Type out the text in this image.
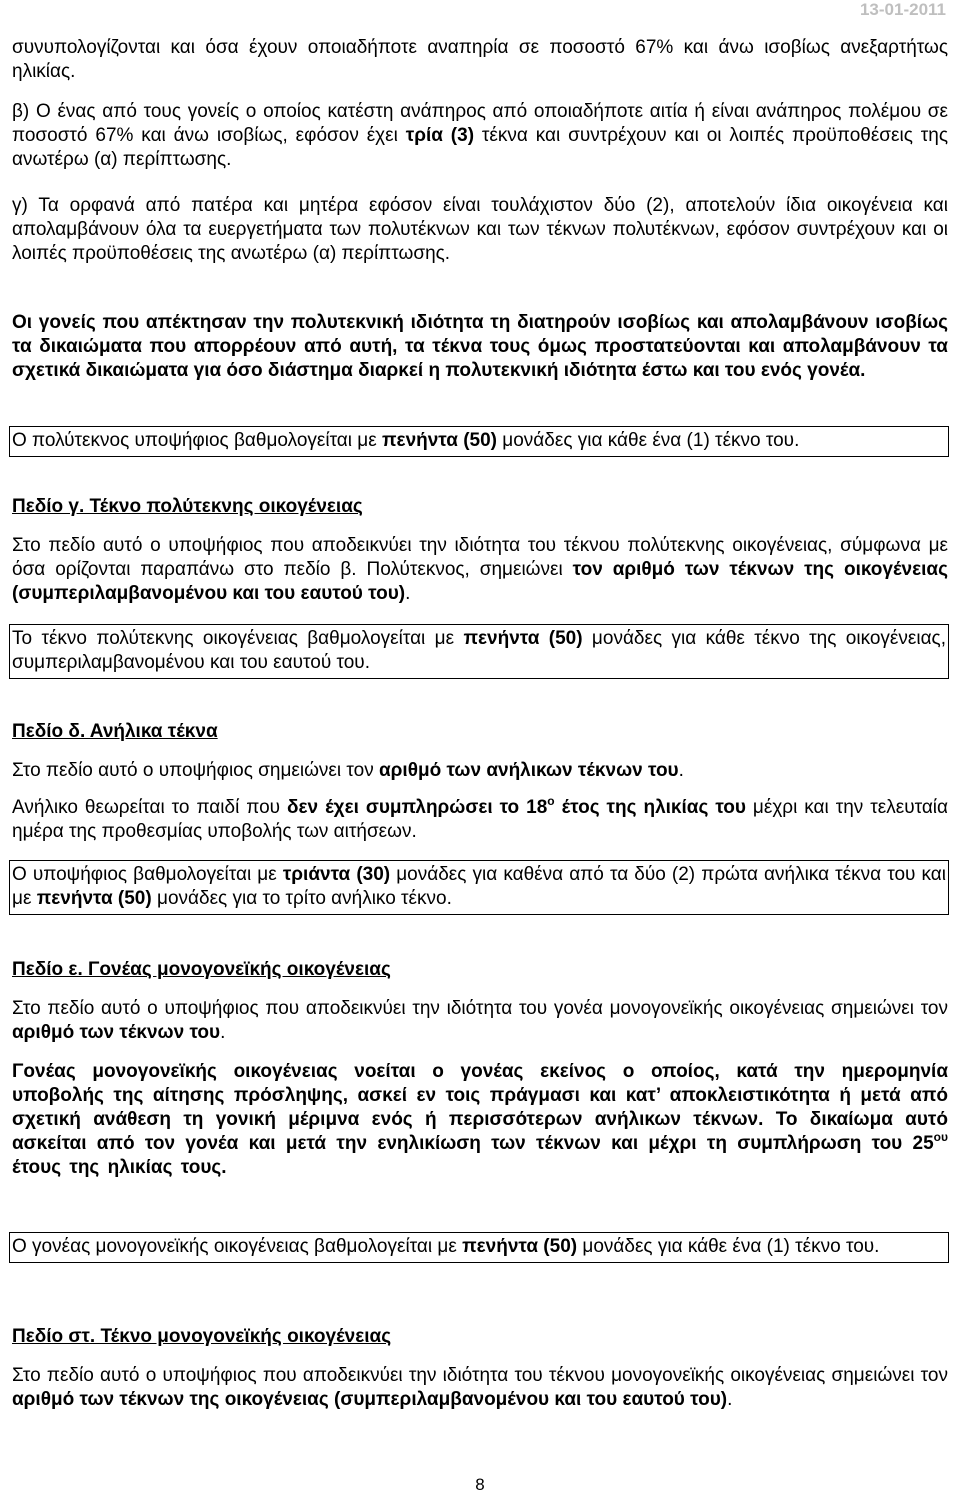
13-01-2011

συνυπολογίζονται και όσα έχουν οποιαδήποτε αναπηρία σε ποσοστό 67% και άνω ισοβίως ανεξαρτήτως ηλικίας.

β) Ο ένας από τους γονείς ο οποίος κατέστη ανάπηρος από οποιαδήποτε αιτία ή είναι ανάπηρος πολέμου σε ποσοστό 67% και άνω ισοβίως, εφόσον έχει τρία (3) τέκνα και συντρέχουν και οι λοιπές προϋποθέσεις της ανωτέρω (α) περίπτωσης.

γ) Τα ορφανά από πατέρα και μητέρα εφόσον είναι τουλάχιστον δύο (2), αποτελούν ίδια οικογένεια και απολαμβάνουν όλα τα ευεργετήματα των πολυτέκνων και των τέκνων πολυτέκνων, εφόσον συντρέχουν και οι λοιπές προϋποθέσεις της ανωτέρω (α) περίπτωσης.

Οι γονείς που απέκτησαν την πολυτεκνική ιδιότητα τη διατηρούν ισοβίως και απολαμβάνουν ισοβίως τα δικαιώματα που απορρέουν από αυτή, τα τέκνα τους όμως προστατεύονται και απολαμβάνουν τα σχετικά δικαιώματα για όσο διάστημα διαρκεί η πολυτεκνική ιδιότητα έστω και του ενός γονέα.

Ο πολύτεκνος υποψήφιος βαθμολογείται με πενήντα (50) μονάδες για κάθε ένα (1) τέκνο του.

Πεδίο γ. Τέκνο πολύτεκνης οικογένειας

Στο πεδίο αυτό ο υποψήφιος που αποδεικνύει την ιδιότητα του τέκνου πολύτεκνης οικογένειας, σύμφωνα με όσα ορίζονται παραπάνω στο πεδίο β. Πολύτεκνος, σημειώνει τον αριθμό των τέκνων της οικογένειας (συμπεριλαμβανομένου και του εαυτού του).

Το τέκνο πολύτεκνης οικογένειας βαθμολογείται με πενήντα (50) μονάδες για κάθε τέκνο της οικογένειας, συμπεριλαμβανομένου και του εαυτού του.

Πεδίο δ. Ανήλικα τέκνα

Στο πεδίο αυτό ο υποψήφιος σημειώνει τον αριθμό των ανήλικων τέκνων του.

Ανήλικο θεωρείται το παιδί που δεν έχει συμπληρώσει το $18^o$ έτος της ηλικίας του μέχρι και την τελευταία ημέρα της προθεσμίας υποβολής των αιτήσεων.

Ο υποψήφιος βαθμολογείται με τριάντα (30) μονάδες για καθένα από τα δύο (2) πρώτα ανήλικα τέκνα του και με πενήντα (50) μονάδες για το τρίτο ανήλικο τέκνο.

Πεδίο ε. Γονέας μονογονεϊκής οικογένειας

Στο πεδίο αυτό ο υποψήφιος που αποδεικνύει την ιδιότητα του γονέα μονογονεϊκής οικογένειας σημειώνει τον αριθμό των τέκνων του.

Γονέας μονογονεϊκής οικογένειας νοείται ο γονέας εκείνος ο οποίος, κατά την ημερομηνία υποβολής της αίτησης πρόσληψης, ασκεί εν τοις πράγμασι και κατ’ αποκλειστικότητα ή μετά από σχετική ανάθεση τη γονική μέριμνα ενός ή περισσότερων ανήλικων τέκνων. Το δικαίωμα αυτό ασκείται από τον γονέα και μετά την ενηλικίωση των τέκνων και μέχρι τη συμπλήρωση του $25^{o\upsilon}$ έτους της ηλικίας τους.

Ο γονέας μονογονεϊκής οικογένειας βαθμολογείται με πενήντα (50) μονάδες για κάθε ένα (1) τέκνο του.

Πεδίο στ. Τέκνο μονογονεϊκής οικογένειας

Στο πεδίο αυτό ο υποψήφιος που αποδεικνύει την ιδιότητα του τέκνου μονογονεϊκής οικογένειας σημειώνει τον αριθμό των τέκνων της οικογένειας (συμπεριλαμβανομένου και του εαυτού του).

8
